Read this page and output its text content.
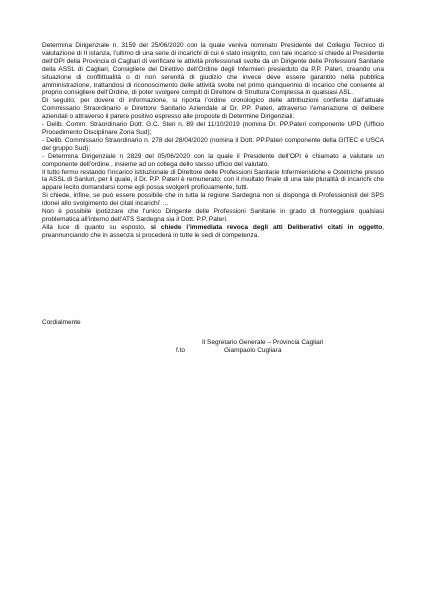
Determina Dirigenziale n. 3159 del 25/06/2020 con la quale veniva nominato Presidente del Collegio Tecnico di valutazione di II istanza, l’ultimo di una serie di incarichi di cui è stato insignito, con tale incarico si chiede al Presidente dell’OPI della Provincia di Cagliari di verificare le attività professionali svolte da un Dirigente delle Professioni Sanitarie della ASSL di Cagliari, Consigliere del Direttivo dell’Ordine degli Infermieri presieduto da P.P. Pateri, creando una situazione di conflittualità o di non serenità di giudizio che invece deve essere garantito nella pubblica amministrazione, trattandosi di riconoscimento delle attività svolte nel primo quinquennio di incarico che consente al proprio consigliere dell’Ordine, di poter svolgere compiti di Direttore di Struttura Complessa in qualsiasi ASL.

Di seguito, per dovere di informazione, si riporta l’ordine cronologico delle attribuzioni conferite dall’attuale Commissario Straordinario e Direttore Sanitario Aziendale al Dr. PP. Pateri, attraverso l’emanazione di delibere aziendali o attraverso il parere positivo espresso alle proposte di Determine Dirigenziali:

- Delib. Comm. Straordinario Dott. G.C. Steri n. 89 del 11/10/2019 (nomina Dr. PP.Pateri componente UPD (Ufficio Procedimento Disciplinare Zona Sud);

- Delib. Commissario Straordinario n. 278 del 28/04/2020 (nomina il Dott. PP.Pateri componente della GITEC e USCA del gruppo Sud);

- Determina Dirigenziale n 2829 del 05/06/2020 con la quale il Presidente dell’OPI è chiamato a valutare un componente dell’ordine , insieme ad un collega dello stesso ufficio del valutato.

Il tutto fermo restando l’incarico istituzionale di Direttore delle Professioni Sanitarie Infermieristiche e Ostetriche presso la ASSL di Sanluri, per il quale, il Dr. P.P. Pateri è remunerato: con il risultato finale di una tale pluralità di incarichi che appare lecito domandarsi come egli possa svolgerli proficuamente, tutti.

Si chiede, infine, se può essere possibile che in tutta la regione Sardegna non si disponga di Professionisti del SPS idonei allo svolgimento dei citati incarichi’ …

Non è possibile ipotizzare che l’unico Dirigente delle Professioni Sanitarie in grado di fronteggiare qualsiasi problematica all’interno dell’ATS Sardegna sia il Dott. P.P. Pateri.

Alla luce di quanto su esposto, si chiede l’immediata revoca degli atti Deliberativi citati in oggetto, preannunciando che in assenza si procederà in tutte le sedi di competenza.

Cordialmente
Il Segretario Generale – Provincia Cagliari
f.to	Giampaolo Cugliara
